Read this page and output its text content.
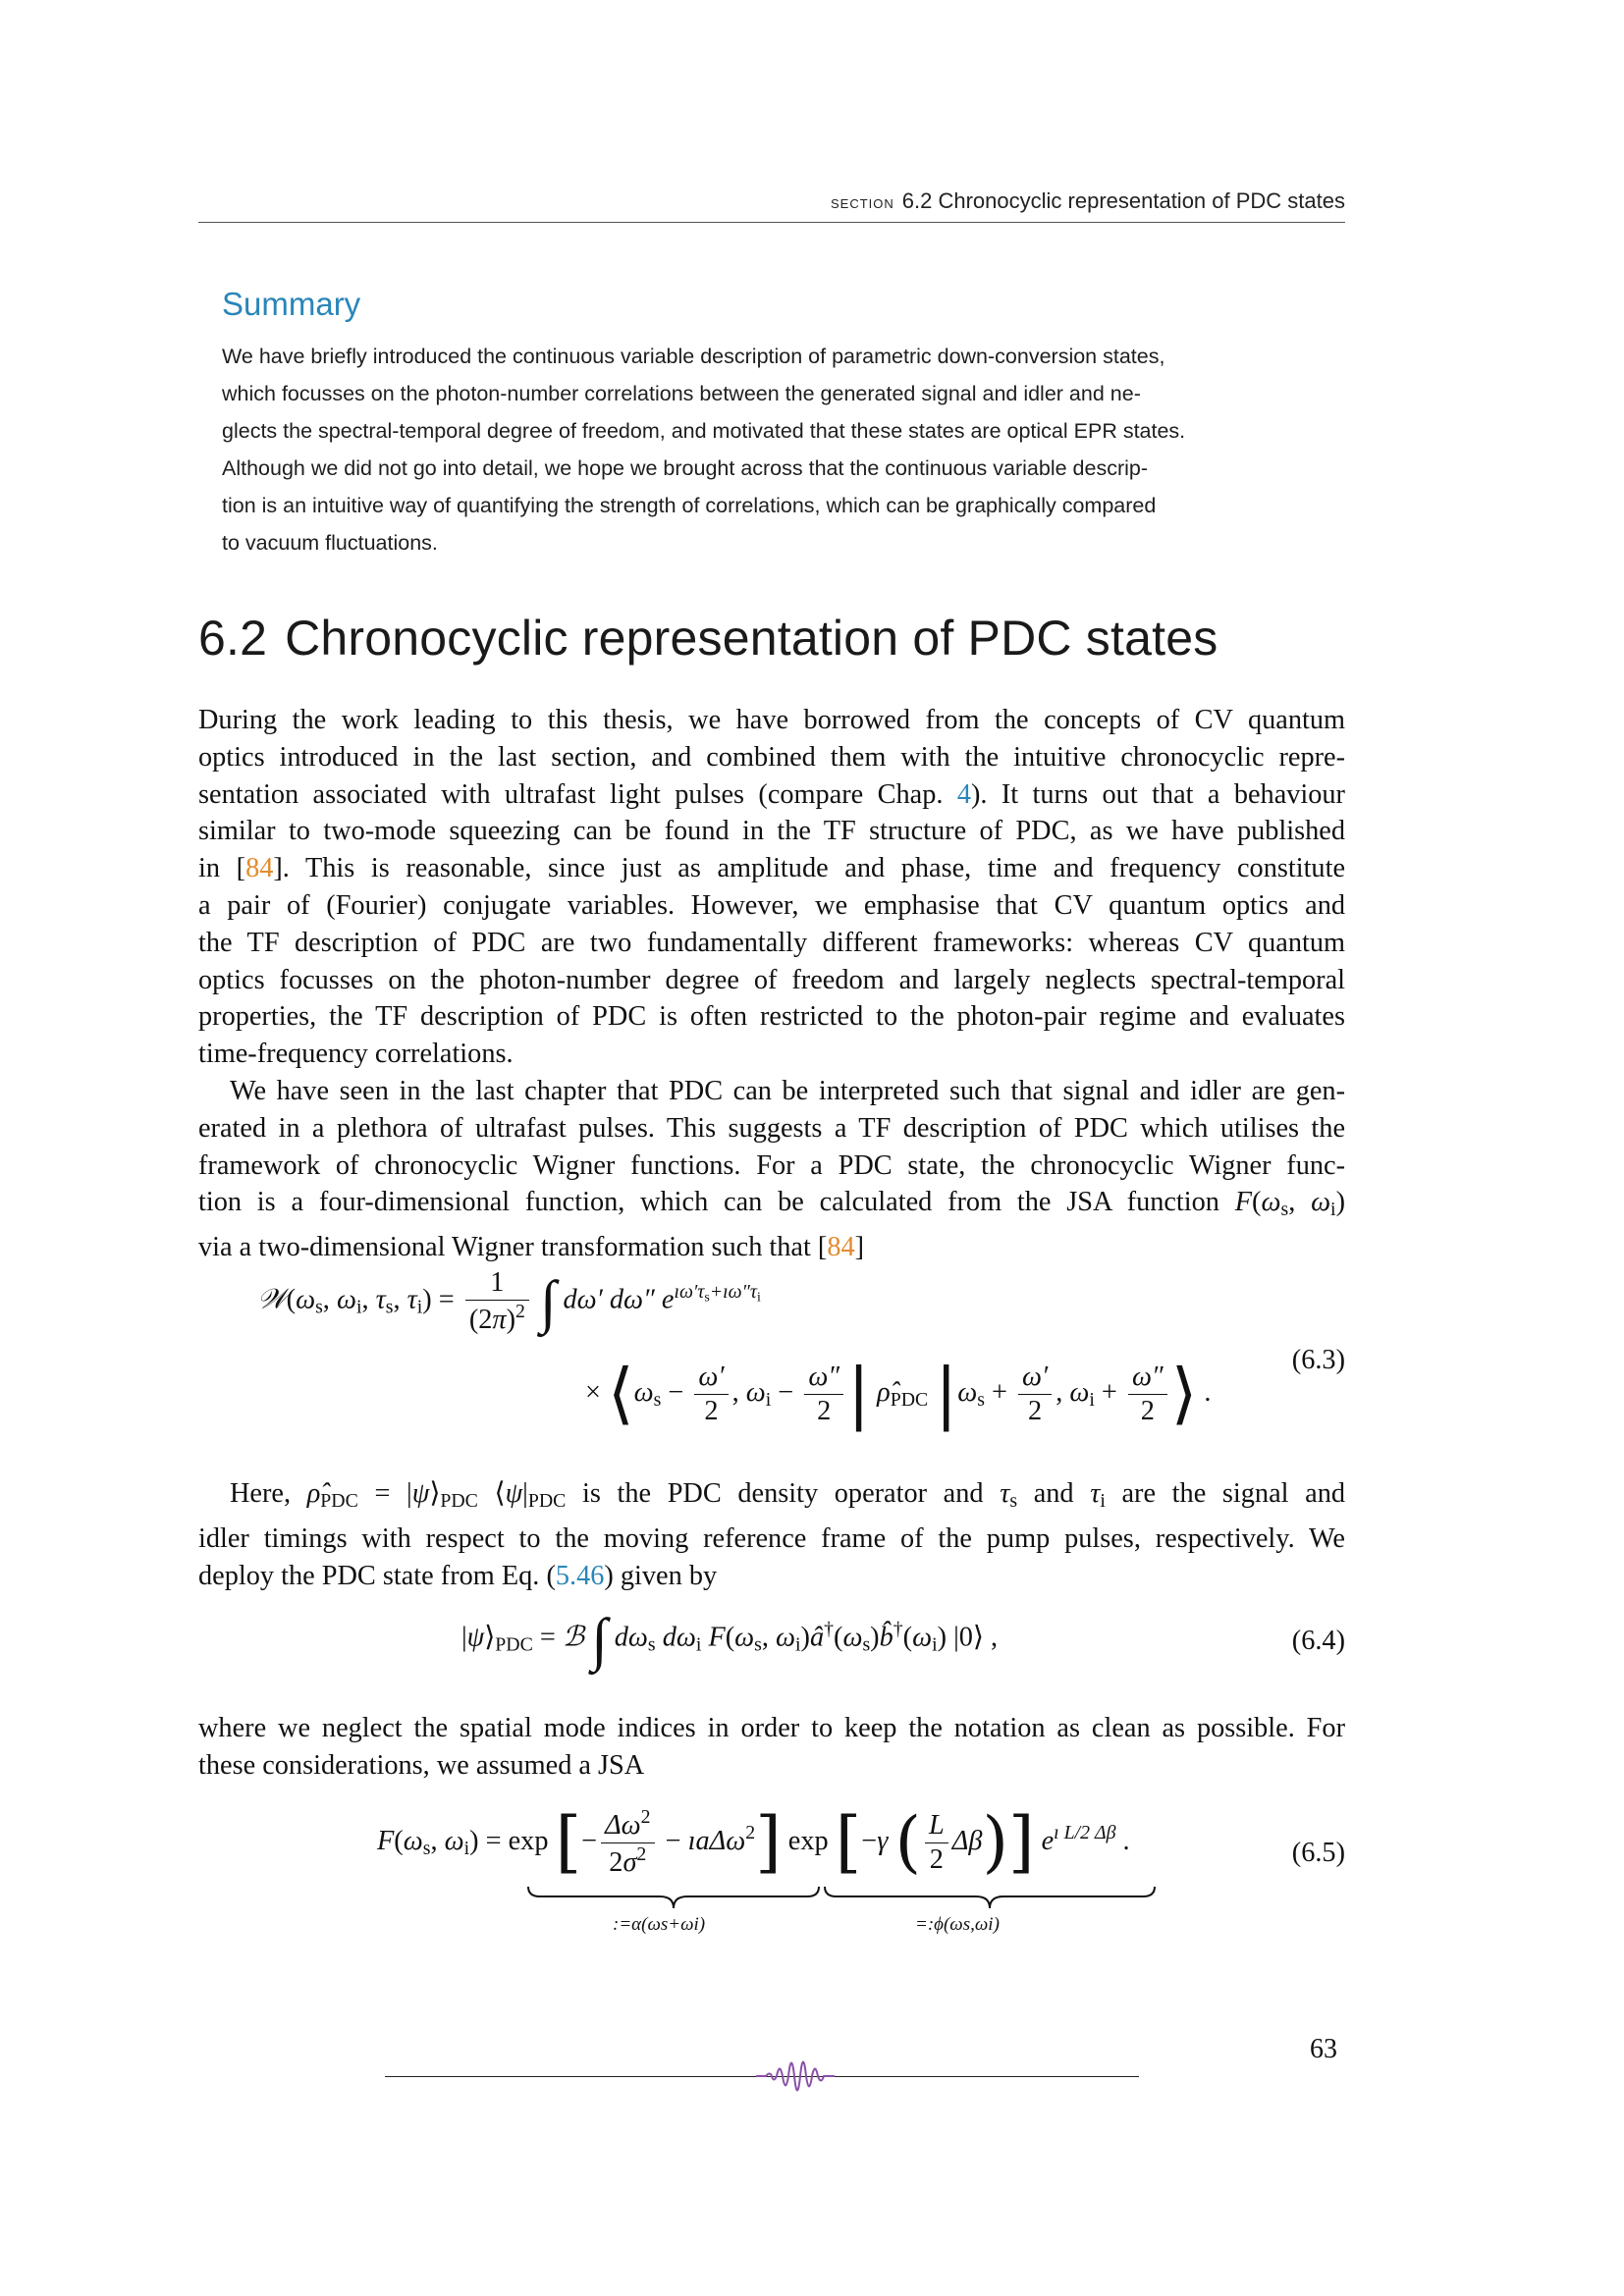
section 6.2 Chronocyclic representation of PDC states
Summary
We have briefly introduced the continuous variable description of parametric down-conversion states,
which focusses on the photon-number correlations between the generated signal and idler and ne-
glects the spectral-temporal degree of freedom, and motivated that these states are optical EPR states.
Although we did not go into detail, we hope we brought across that the continuous variable descrip-
tion is an intuitive way of quantifying the strength of correlations, which can be graphically compared
to vacuum fluctuations.
6.2 Chronocyclic representation of PDC states
During the work leading to this thesis, we have borrowed from the concepts of CV quantum
optics introduced in the last section, and combined them with the intuitive chronocyclic repre-
sentation associated with ultrafast light pulses (compare Chap. 4). It turns out that a behaviour
similar to two-mode squeezing can be found in the TF structure of PDC, as we have published
in [84]. This is reasonable, since just as amplitude and phase, time and frequency constitute
a pair of (Fourier) conjugate variables. However, we emphasise that CV quantum optics and
the TF description of PDC are two fundamentally different frameworks: whereas CV quantum
optics focusses on the photon-number degree of freedom and largely neglects spectral-temporal
properties, the TF description of PDC is often restricted to the photon-pair regime and evaluates
time-frequency correlations.
We have seen in the last chapter that PDC can be interpreted such that signal and idler are gen-
erated in a plethora of ultrafast pulses. This suggests a TF description of PDC which utilises the
framework of chronocyclic Wigner functions. For a PDC state, the chronocyclic Wigner func-
tion is a four-dimensional function, which can be calculated from the JSA function $F(\omega_s$, $\omega_i$)
via a two-dimensional Wigner transformation such that [84]
$𝒲(\omega_s$, $\omega_i$, $\tau_s$, $\tau_i) = \frac{1}{(2\pi)^2}$ ∫ dω′ dω″ $e^{ı\omega'\tau_s+ı\omega''\tau_i}$
× $⟨\omega_s - \frac{\omega'}{2}$ , $\omega_i - \frac{\omega''}{2}$ | $\rhô_{PDC}$ $|\omega_s + \frac{\omega'}{2}$ , $\omega_i + \frac{\omega''}{2}$ ⟩ .
(6.3)
Here, $\rhô_{PDC}$ = $|\psi⟩_{PDC}$ $⟨\psi|_{PDC}$ is the PDC density operator and $\tau_s$ and $\tau_i$ are the signal and
idler timings with respect to the moving reference frame of the pump pulses, respectively. We
deploy the PDC state from Eq. (5.46) given by
$|\psi⟩_{PDC}$ = ℬ ∫ $d\omega_s$ $d\omega_i$ $F(\omega_s$, $\omega_i)â^\dagger(\omega_s)b̂^\dagger(\omega_i)$ |0⟩ ,	(6.4)
where we neglect the spatial mode indices in order to keep the notation as clean as possible. For
these considerations, we assumed a JSA
$F(\omega_s$, $\omega_i) = \exp$ [− $\frac{\Delta\omega^2}{2\sigma^2}$ − ıaΔω$^2$] exp [−γ ( $\frac{L}{2} \Delta\beta$)] $e^{ı L/2 \Delta\beta}$ .	(6.5)
:=α(ωs+ωi)	=:ϕ(ωs,ωi)
63
